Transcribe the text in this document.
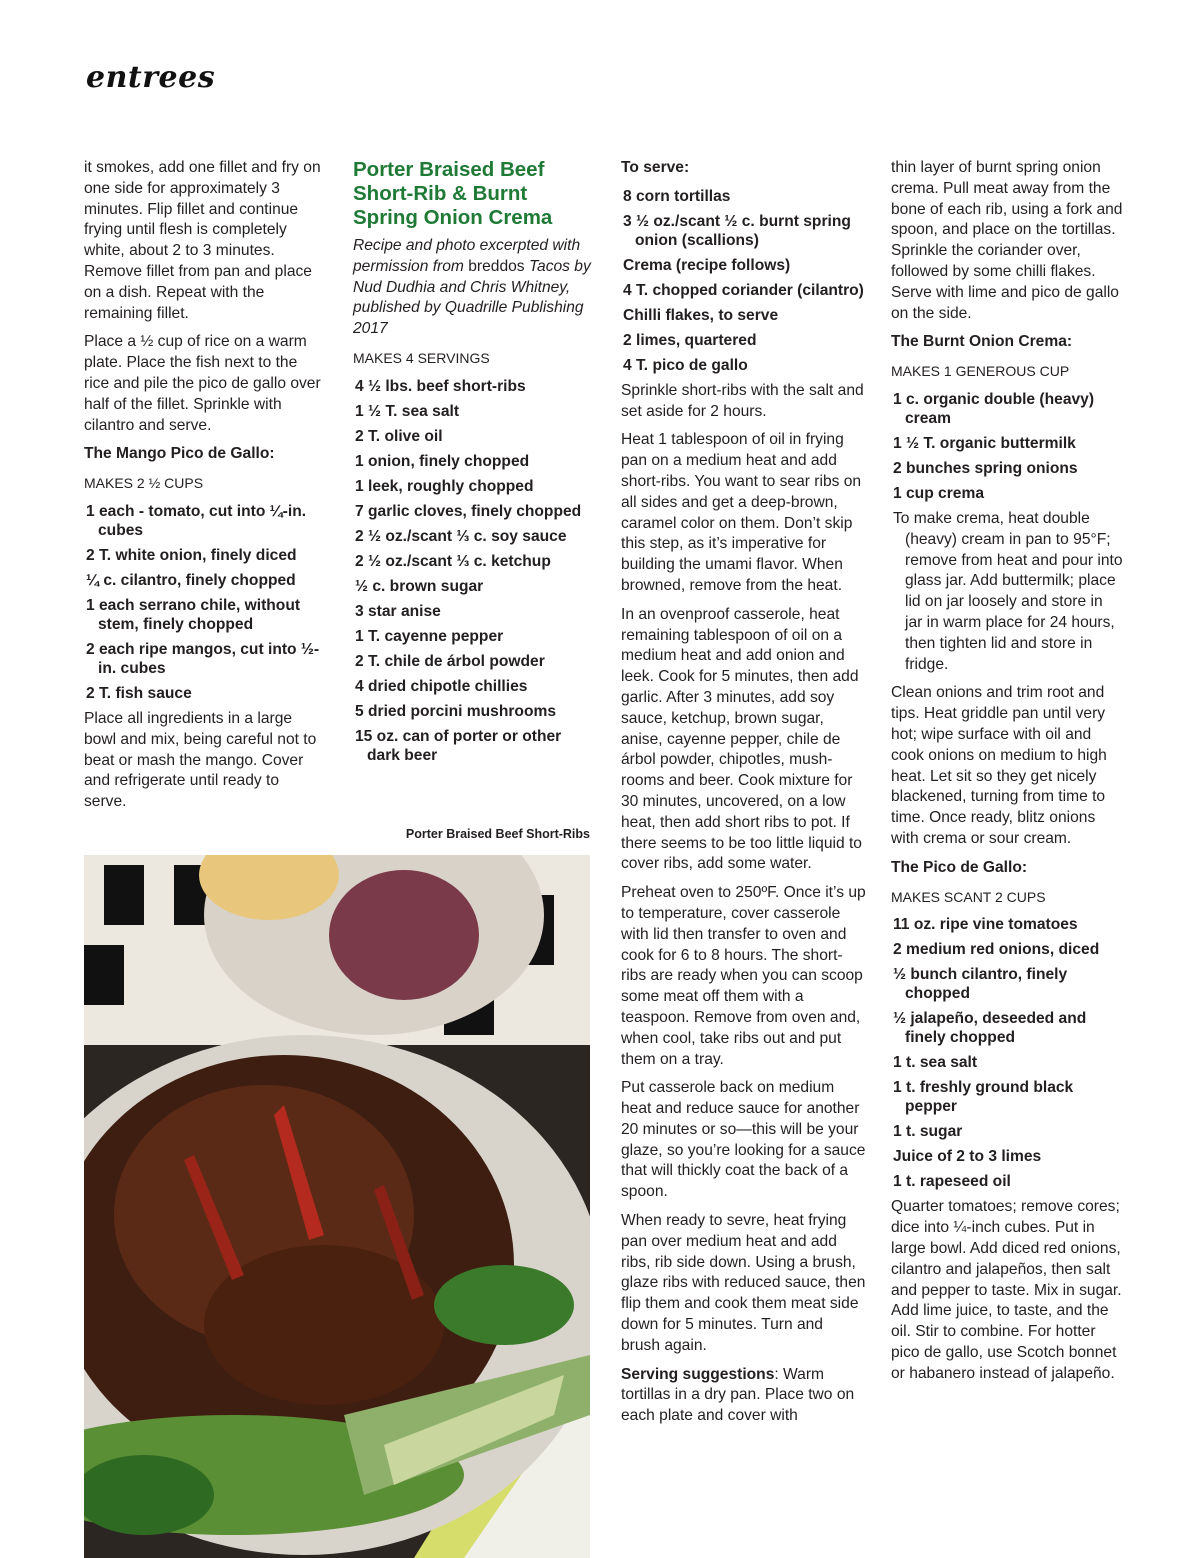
entrees

it smokes, add one fillet and fry on one side for approximately 3 minutes. Flip fillet and continue frying until flesh is completely white, about 2 to 3 minutes. Remove fillet from pan and place on a dish. Repeat with the remaining fillet.

Place a ½ cup of rice on a warm plate. Place the fish next to the rice and pile the pico de gallo over half of the fillet. Sprinkle with cilantro and serve.

The Mango Pico de Gallo:
MAKES 2 ½ CUPS
1 each - tomato, cut into ¼-in. cubes
2 T. white onion, finely diced
¼ c. cilantro, finely chopped
1 each serrano chile, without stem, finely chopped
2 each ripe mangos, cut into ½-in. cubes
2 T. fish sauce

Place all ingredients in a large bowl and mix, being careful not to beat or mash the mango. Cover and refrigerate until ready to serve.

Porter Braised Beef Short-Rib & Burnt Spring Onion Crema

Recipe and photo excerpted with permission from breddos Tacos by Nud Dudhia and Chris Whitney, published by Quadrille Publishing 2017

MAKES 4 SERVINGS
4 ½ lbs. beef short-ribs
1 ½ T. sea salt
2 T. olive oil
1 onion, finely chopped
1 leek, roughly chopped
7 garlic cloves, finely chopped
2 ½ oz./scant ⅓ c. soy sauce
2 ½ oz./scant ⅓ c. ketchup
½ c. brown sugar
3 star anise
1 T. cayenne pepper
2 T. chile de árbol powder
4 dried chipotle chillies
5 dried porcini mushrooms
15 oz. can of porter or other dark beer
Porter Braised Beef Short-Ribs
To serve:
8 corn tortillas
3 ½ oz./scant ½ c. burnt spring onion (scallions)
Crema (recipe follows)
4 T. chopped coriander (cilantro)
Chilli flakes, to serve
2 limes, quartered
4 T. pico de gallo

Sprinkle short-ribs with the salt and set aside for 2 hours.

Heat 1 tablespoon of oil in frying pan on a medium heat and add short-ribs. You want to sear ribs on all sides and get a deep-brown, caramel color on them. Don’t skip this step, as it’s imperative for building the umami flavor. When browned, remove from the heat.

In an ovenproof casserole, heat remaining tablespoon of oil on a medium heat and add onion and leek. Cook for 5 minutes, then add garlic. After 3 minutes, add soy sauce, ketchup, brown sugar, anise, cayenne pepper, chile de árbol powder, chipotles, mush-rooms and beer. Cook mixture for 30 minutes, uncovered, on a low heat, then add short ribs to pot. If there seems to be too little liquid to cover ribs, add some water.

Preheat oven to 250ºF. Once it’s up to temperature, cover casserole with lid then transfer to oven and cook for 6 to 8 hours. The short-ribs are ready when you can scoop some meat off them with a teaspoon. Remove from oven and, when cool, take ribs out and put them on a tray.

Put casserole back on medium heat and reduce sauce for another 20 minutes or so—this will be your glaze, so you’re looking for a sauce that will thickly coat the back of a spoon.

When ready to sevre, heat frying pan over medium heat and add ribs, rib side down. Using a brush, glaze ribs with reduced sauce, then flip them and cook them meat side down for 5 minutes. Turn and brush again.

Serving suggestions: Warm tortillas in a dry pan. Place two on each plate and cover with

thin layer of burnt spring onion crema. Pull meat away from the bone of each rib, using a fork and spoon, and place on the tortillas. Sprinkle the coriander over, followed by some chilli flakes. Serve with lime and pico de gallo on the side.

The Burnt Onion Crema:
MAKES 1 GENEROUS CUP
1 c. organic double (heavy) cream
1 ½ T. organic buttermilk
2 bunches spring onions
1 cup crema

To make crema, heat double (heavy) cream in pan to 95°F; remove from heat and pour into glass jar. Add buttermilk; place lid on jar loosely and store in jar in warm place for 24 hours, then tighten lid and store in fridge.

Clean onions and trim root and tips. Heat griddle pan until very hot; wipe surface with oil and cook onions on medium to high heat. Let sit so they get nicely blackened, turning from time to time. Once ready, blitz onions with crema or sour cream.

The Pico de Gallo:
MAKES SCANT 2 CUPS
11 oz. ripe vine tomatoes
2 medium red onions, diced
½ bunch cilantro, finely chopped
½ jalapeño, deseeded and finely chopped
1 t. sea salt
1 t. freshly ground black pepper
1 t. sugar
Juice of 2 to 3 limes
1 t. rapeseed oil

Quarter tomatoes; remove cores; dice into ¼-inch cubes. Put in large bowl. Add diced red onions, cilantro and jalapeños, then salt and pepper to taste. Mix in sugar. Add lime juice, to taste, and the oil. Stir to combine. For hotter pico de gallo, use Scotch bonnet or habanero instead of jalapeño.
